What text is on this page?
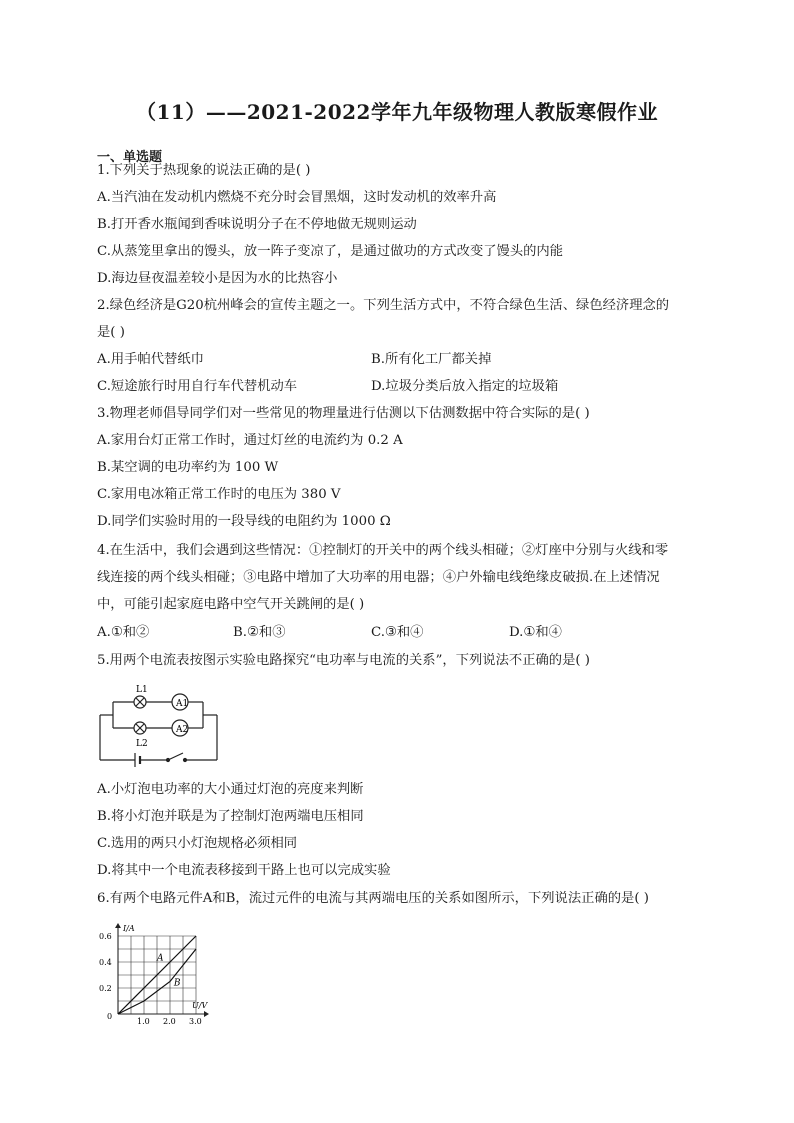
（11）——2021-2022学年九年级物理人教版寒假作业
一、单选题
1.下列关于热现象的说法正确的是( )
A.当汽油在发动机内燃烧不充分时会冒黑烟，这时发动机的效率升高
B.打开香水瓶闻到香味说明分子在不停地做无规则运动
C.从蒸笼里拿出的馒头，放一阵子变凉了，是通过做功的方式改变了馒头的内能
D.海边昼夜温差较小是因为水的比热容小
2.绿色经济是G20杭州峰会的宣传主题之一。下列生活方式中，不符合绿色生活、绿色经济理念的
是( )
A.用手帕代替纸巾	B.所有化工厂都关掉
C.短途旅行时用自行车代替机动车	D.垃圾分类后放入指定的垃圾箱
3.物理老师倡导同学们对一些常见的物理量进行估测以下估测数据中符合实际的是( )
A.家用台灯正常工作时，通过灯丝的电流约为 0.2 A
B.某空调的电功率约为 100 W
C.家用电冰箱正常工作时的电压为 380 V
D.同学们实验时用的一段导线的电阻约为 1000 Ω
4.在生活中，我们会遇到这些情况：①控制灯的开关中的两个线头相碰；②灯座中分别与火线和零
线连接的两个线头相碰；③电路中增加了大功率的用电器；④户外输电线绝缘皮破损.在上述情况
中，可能引起家庭电路中空气开关跳闸的是( )
A.①和②	B.②和③	C.③和④	D.①和④
5.用两个电流表按图示实验电路探究“电功率与电流的关系”，下列说法不正确的是( )
A1
A2
L1
L2
A.小灯泡电功率的大小通过灯泡的亮度来判断
B.将小灯泡并联是为了控制灯泡两端电压相同
C.选用的两只小灯泡规格必须相同
D.将其中一个电流表移接到干路上也可以完成实验
6.有两个电路元件A和B，流过元件的电流与其两端电压的关系如图所示，下列说法正确的是( )
A
B
1.0 2.0 3.0
0.2
0.4
0.6
I/A
U/V
0
